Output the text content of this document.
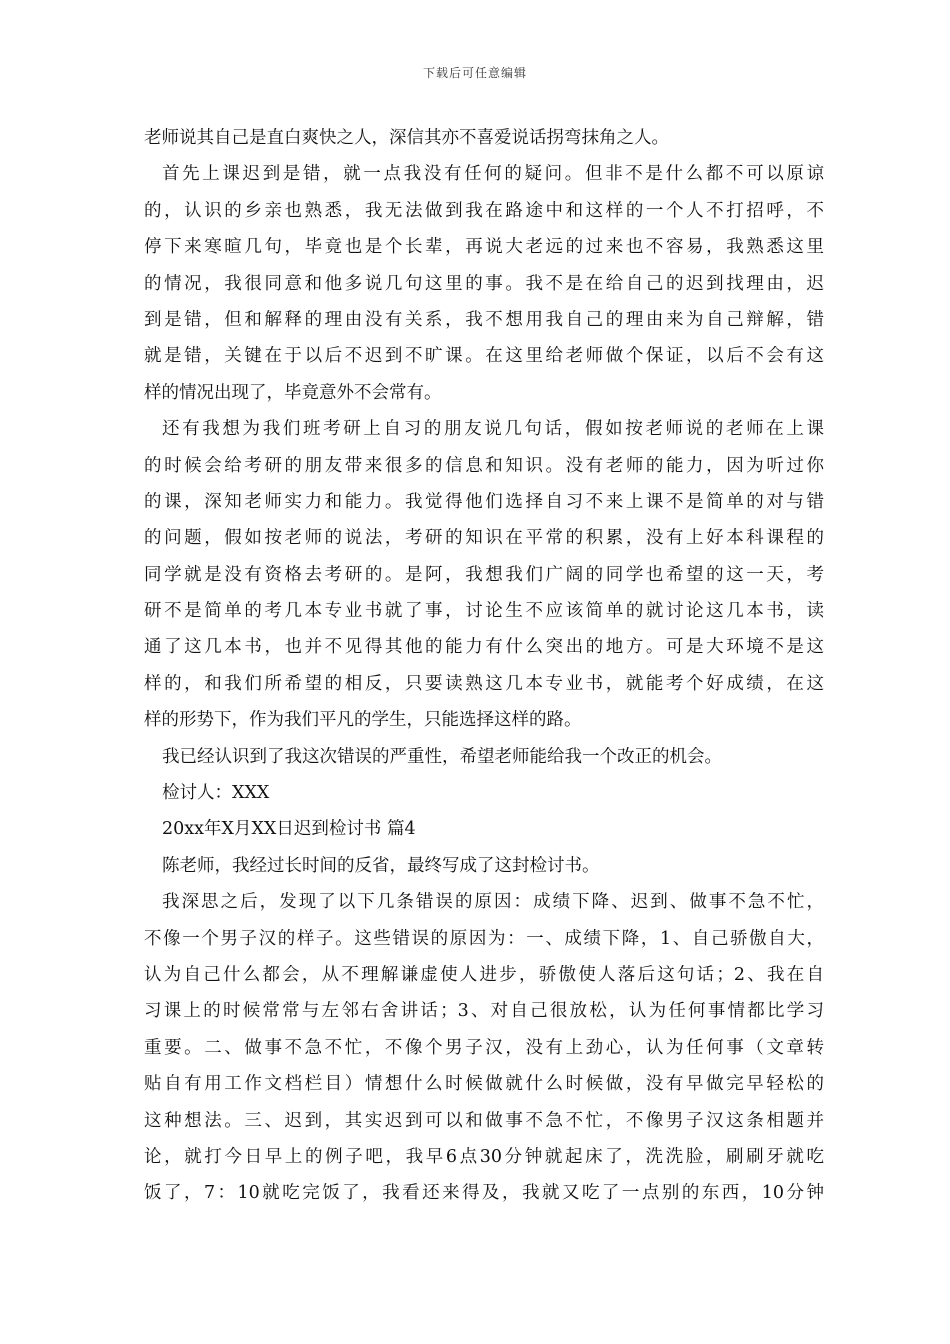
下载后可任意编辑
老师说其自己是直白爽快之人，深信其亦不喜爱说话拐弯抹角之人。
首先上课迟到是错，就一点我没有任何的疑问。但非不是什么都不可以原谅
的，认识的乡亲也熟悉，我无法做到我在路途中和这样的一个人不打招呼，不
停下来寒暄几句，毕竟也是个长辈，再说大老远的过来也不容易，我熟悉这里
的情况，我很同意和他多说几句这里的事。我不是在给自己的迟到找理由，迟
到是错，但和解释的理由没有关系，我不想用我自己的理由来为自己辩解，错
就是错，关键在于以后不迟到不旷课。在这里给老师做个保证，以后不会有这
样的情况出现了，毕竟意外不会常有。
还有我想为我们班考研上自习的朋友说几句话，假如按老师说的老师在上课
的时候会给考研的朋友带来很多的信息和知识。没有老师的能力，因为听过你
的课，深知老师实力和能力。我觉得他们选择自习不来上课不是简单的对与错
的问题，假如按老师的说法，考研的知识在平常的积累，没有上好本科课程的
同学就是没有资格去考研的。是阿，我想我们广阔的同学也希望的这一天，考
研不是简单的考几本专业书就了事，讨论生不应该简单的就讨论这几本书，读
通了这几本书，也并不见得其他的能力有什么突出的地方。可是大环境不是这
样的，和我们所希望的相反，只要读熟这几本专业书，就能考个好成绩，在这
样的形势下，作为我们平凡的学生，只能选择这样的路。
我已经认识到了我这次错误的严重性，希望老师能给我一个改正的机会。
检讨人：XXX
20xx年X月XX日迟到检讨书 篇4
陈老师，我经过长时间的反省，最终写成了这封检讨书。
我深思之后，发现了以下几条错误的原因：成绩下降、迟到、做事不急不忙，
不像一个男子汉的样子。这些错误的原因为：一、成绩下降，1、自己骄傲自大，
认为自己什么都会，从不理解谦虚使人进步，骄傲使人落后这句话；2、我在自
习课上的时候常常与左邻右舍讲话；3、对自己很放松，认为任何事情都比学习
重要。二、做事不急不忙，不像个男子汉，没有上劲心，认为任何事（文章转
贴自有用工作文档栏目）情想什么时候做就什么时候做，没有早做完早轻松的
这种想法。三、迟到，其实迟到可以和做事不急不忙，不像男子汉这条相题并
论，就打今日早上的例子吧，我早6点30分钟就起床了，洗洗脸，刷刷牙就吃
饭了，7：10就吃完饭了，我看还来得及，我就又吃了一点别的东西，10分钟
